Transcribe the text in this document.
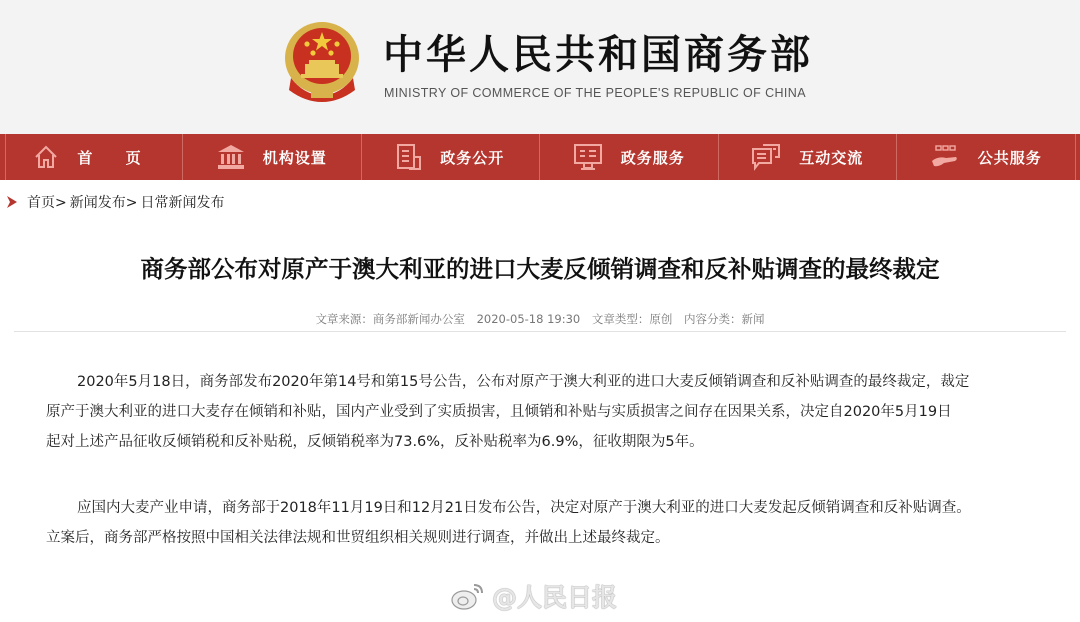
中华人民共和国商务部
MINISTRY OF COMMERCE OF THE PEOPLE'S REPUBLIC OF CHINA
首 页	机构设置	政务公开	政务服务	互动交流	公共服务
首页> 新闻发布> 日常新闻发布
商务部公布对原产于澳大利亚的进口大麦反倾销调查和反补贴调查的最终裁定
文章来源：商务部新闻办公室 2020-05-18 19:30 文章类型：原创 内容分类：新闻
2020年5月18日，商务部发布2020年第14号和第15号公告，公布对原产于澳大利亚的进口大麦反倾销调查和反补贴调查的最终裁定，裁定
原产于澳大利亚的进口大麦存在倾销和补贴，国内产业受到了实质损害，且倾销和补贴与实质损害之间存在因果关系，决定自2020年5月19日
起对上述产品征收反倾销税和反补贴税，反倾销税率为73.6%，反补贴税率为6.9%，征收期限为5年。
应国内大麦产业申请，商务部于2018年11月19日和12月21日发布公告，决定对原产于澳大利亚的进口大麦发起反倾销调查和反补贴调查。
立案后，商务部严格按照中国相关法律法规和世贸组织相关规则进行调查，并做出上述最终裁定。
@人民日报
